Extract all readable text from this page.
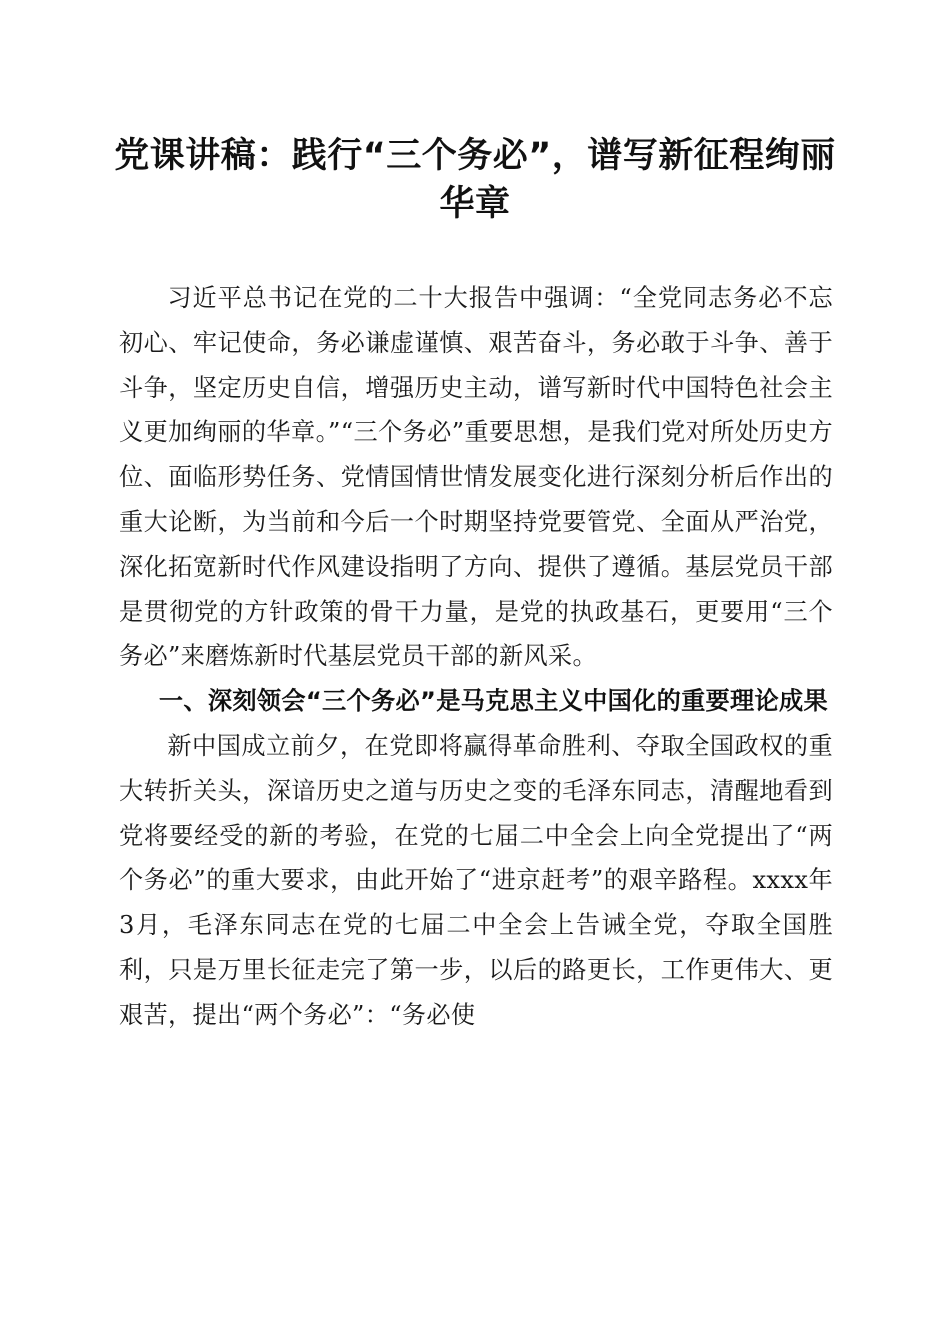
党课讲稿：践行“三个务必”，谱写新征程绚丽华章

习近平总书记在党的二十大报告中强调：“全党同志务必不忘初心、牢记使命，务必谦虚谨慎、艰苦奋斗，务必敢于斗争、善于斗争，坚定历史自信，增强历史主动，谱写新时代中国特色社会主义更加绚丽的华章。”“三个务必”重要思想，是我们党对所处历史方位、面临形势任务、党情国情世情发展变化进行深刻分析后作出的重大论断，为当前和今后一个时期坚持党要管党、全面从严治党，深化拓宽新时代作风建设指明了方向、提供了遵循。基层党员干部是贯彻党的方针政策的骨干力量，是党的执政基石，更要用“三个务必”来磨炼新时代基层党员干部的新风采。

一、深刻领会“三个务必”是马克思主义中国化的重要理论成果

新中国成立前夕，在党即将赢得革命胜利、夺取全国政权的重大转折关头，深谙历史之道与历史之变的毛泽东同志，清醒地看到党将要经受的新的考验，在党的七届二中全会上向全党提出了“两个务必”的重大要求，由此开始了“进京赶考”的艰辛路程。xxxx年3月，毛泽东同志在党的七届二中全会上告诫全党，夺取全国胜利，只是万里长征走完了第一步，以后的路更长，工作更伟大、更艰苦，提出“两个务必”：“务必使
